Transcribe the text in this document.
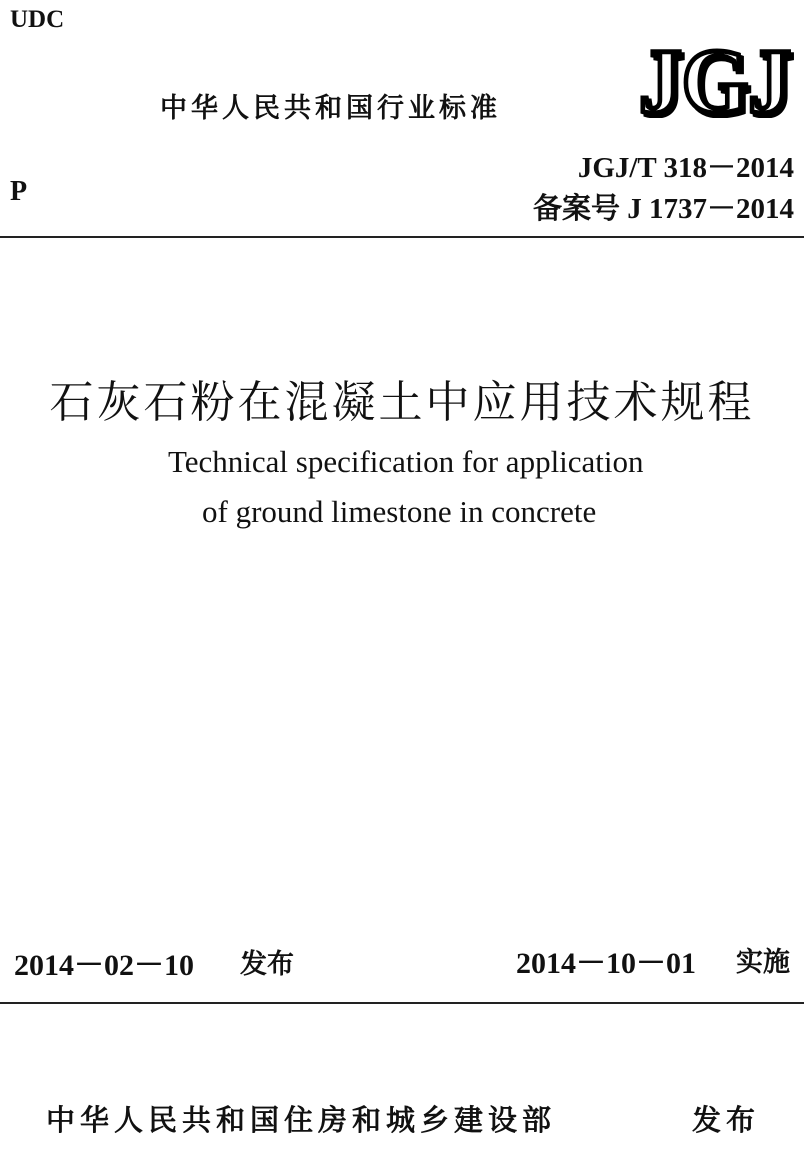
UDC
中华人民共和国行业标准 JGJ
P
JGJ/T 318－2014
备案号 J 1737－2014
石灰石粉在混凝土中应用技术规程
Technical specification for application
of ground limestone in concrete
2014－02－10 发布	2014－10－01 实施
中华人民共和国住房和城乡建设部	发布
